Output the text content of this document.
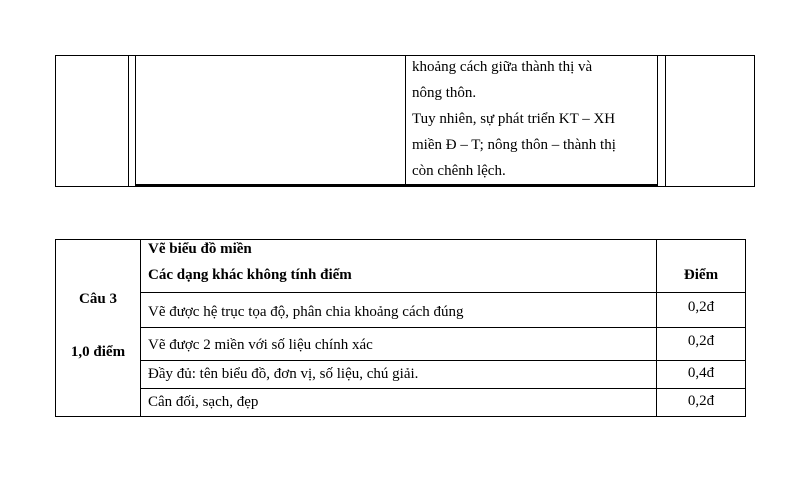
khoảng cách giữa thành thị và
nông thôn.
Tuy nhiên, sự phát triển KT – XH
miền Đ – T; nông thôn – thành thị
còn chênh lệch.
Câu 3
1,0 điểm
Vẽ biểu đồ miền
Các dạng khác không tính điểm	Điểm
Vẽ được hệ trục tọa độ, phân chia khoảng cách đúng	0,2đ
Vẽ được 2 miền với số liệu chính xác	0,2đ
Đầy đủ: tên biểu đồ, đơn vị, số liệu, chú giải.	0,4đ
Cân đối, sạch, đẹp	0,2đ
